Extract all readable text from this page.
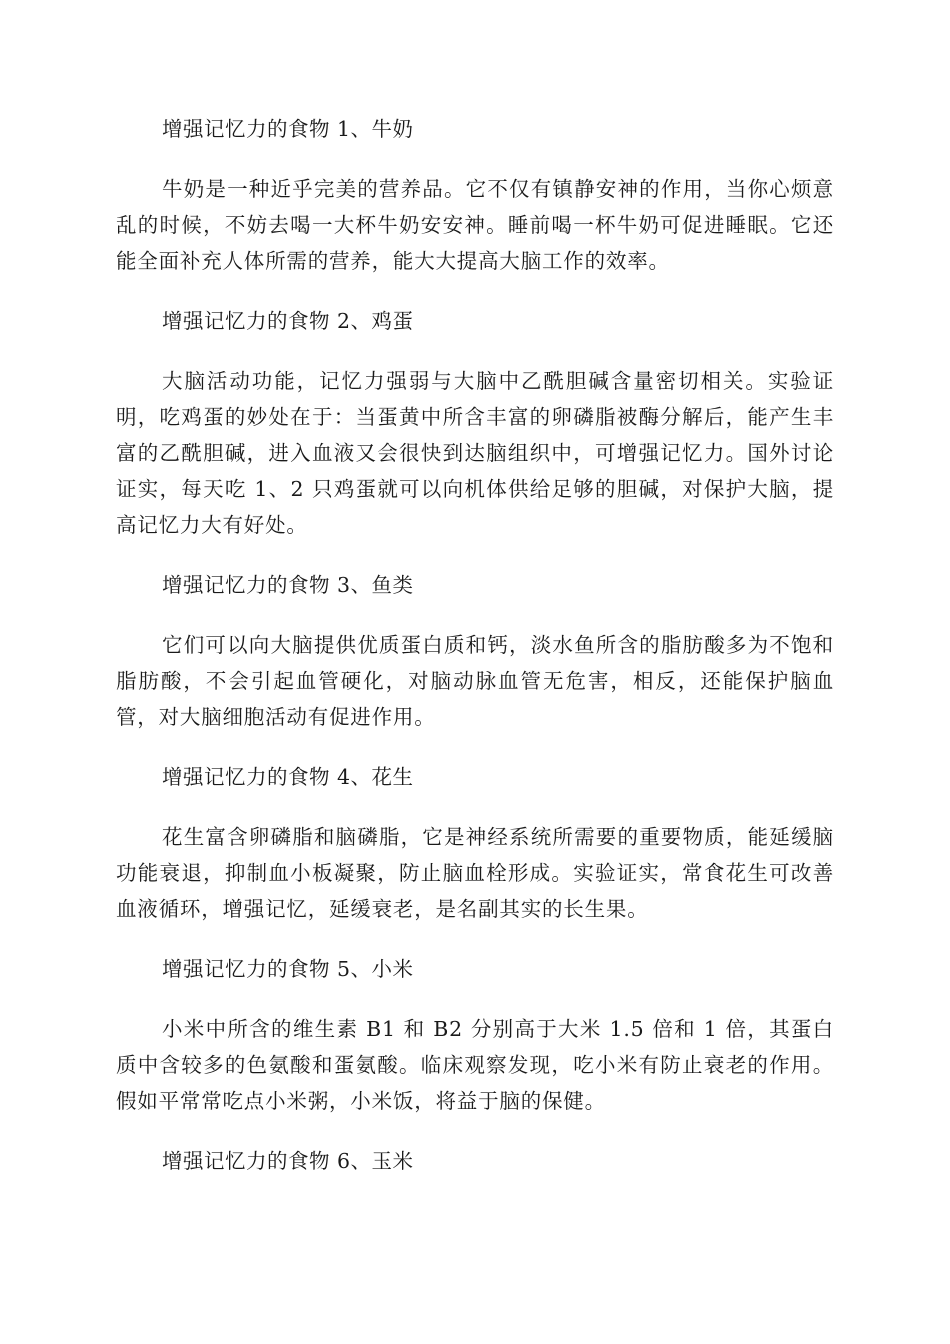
增强记忆力的食物 1、牛奶

牛奶是一种近乎完美的营养品。它不仅有镇静安神的作用，当你心烦意乱的时候，不妨去喝一大杯牛奶安安神。睡前喝一杯牛奶可促进睡眠。它还能全面补充人体所需的营养，能大大提高大脑工作的效率。

增强记忆力的食物 2、鸡蛋

大脑活动功能，记忆力强弱与大脑中乙酰胆碱含量密切相关。实验证明，吃鸡蛋的妙处在于：当蛋黄中所含丰富的卵磷脂被酶分解后，能产生丰富的乙酰胆碱，进入血液又会很快到达脑组织中，可增强记忆力。国外讨论证实，每天吃 1、2 只鸡蛋就可以向机体供给足够的胆碱，对保护大脑，提高记忆力大有好处。

增强记忆力的食物 3、鱼类

它们可以向大脑提供优质蛋白质和钙，淡水鱼所含的脂肪酸多为不饱和脂肪酸，不会引起血管硬化，对脑动脉血管无危害，相反，还能保护脑血管，对大脑细胞活动有促进作用。

增强记忆力的食物 4、花生

花生富含卵磷脂和脑磷脂，它是神经系统所需要的重要物质，能延缓脑功能衰退，抑制血小板凝聚，防止脑血栓形成。实验证实，常食花生可改善血液循环，增强记忆，延缓衰老，是名副其实的长生果。

增强记忆力的食物 5、小米

小米中所含的维生素 B1 和 B2 分别高于大米 1.5 倍和 1 倍，其蛋白质中含较多的色氨酸和蛋氨酸。临床观察发现，吃小米有防止衰老的作用。假如平常常吃点小米粥，小米饭，将益于脑的保健。

增强记忆力的食物 6、玉米
